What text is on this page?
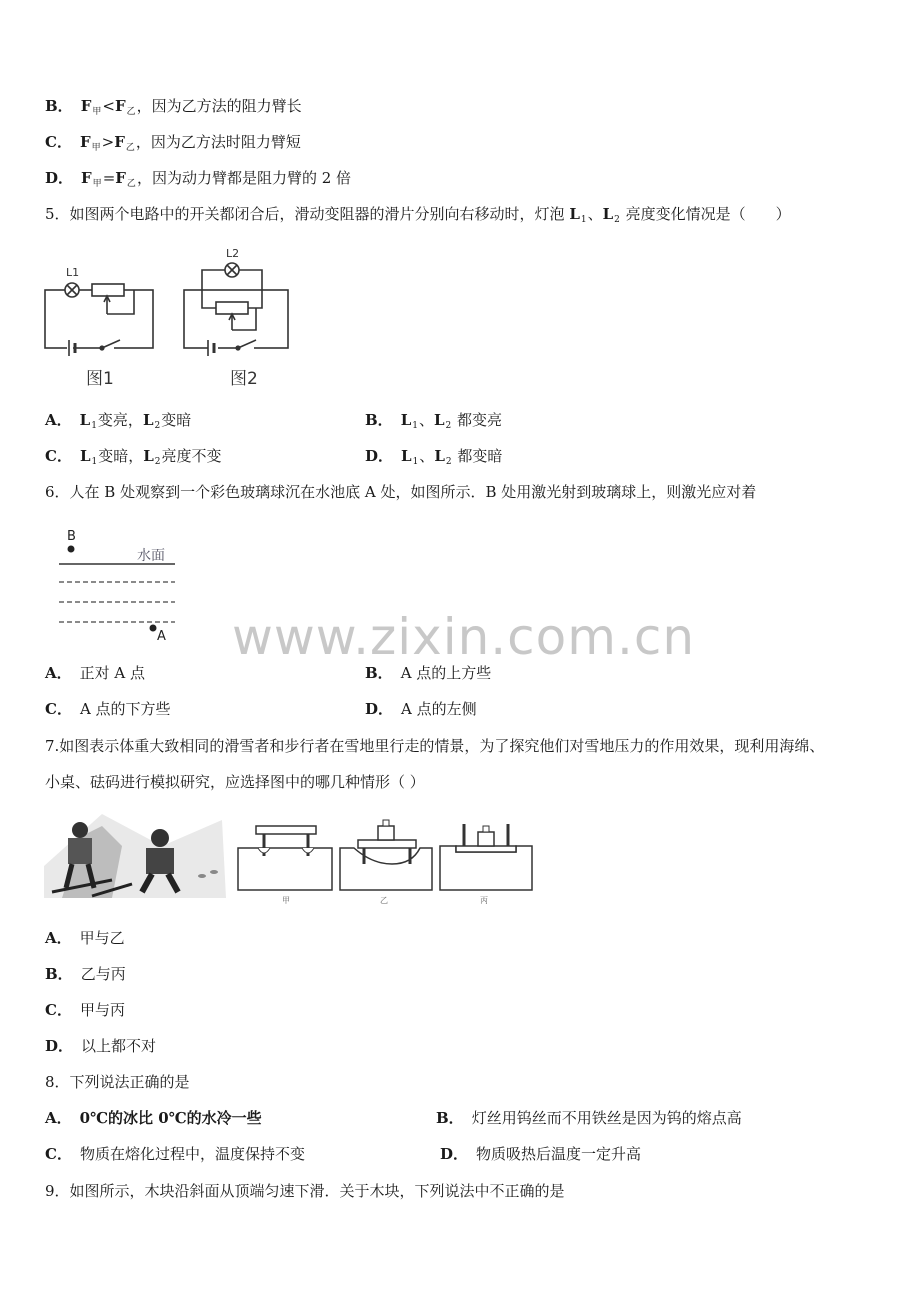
B． $F_甲<F_乙$，因为乙方法的阻力臂长
C． $F_甲>F_乙$，因为乙方法时阻力臂短
D． $F_甲=F_乙$，因为动力臂都是阻力臂的 2 倍
5．如图两个电路中的开关都闭合后，滑动变阻器的滑片分别向右移动时，灯泡 $L_1$、$L_2$ 亮度变化情况是（　　）
L1
L2
图1	图2
A． $L_1$变亮，$L_2$变暗	B． $L_1$、$L_2$ 都变亮
C． $L_1$变暗，$L_2$亮度不变	D． $L_1$、$L_2$ 都变暗
6．人在 B 处观察到一个彩色玻璃球沉在水池底 A 处，如图所示．B 处用激光射到玻璃球上，则激光应对着
B
水面
A www.zixin.com.cn
A． 正对 A 点	B． A 点的上方些
C． A 点的下方些	D． A 点的左侧
7.如图表示体重大致相同的滑雪者和步行者在雪地里行走的情景，为了探究他们对雪地压力的作用效果，现利用海绵、
小桌、砝码进行模拟研究，应选择图中的哪几种情形（ ）
甲	乙	丙
A． 甲与乙
B． 乙与丙
C． 甲与丙
D． 以上都不对
8．下列说法正确的是
A． 0℃的冰比 0℃的水冷一些	B． 灯丝用钨丝而不用铁丝是因为钨的熔点高
C． 物质在熔化过程中，温度保持不变	D． 物质吸热后温度一定升高
9．如图所示，木块沿斜面从顶端匀速下滑．关于木块，下列说法中不正确的是
